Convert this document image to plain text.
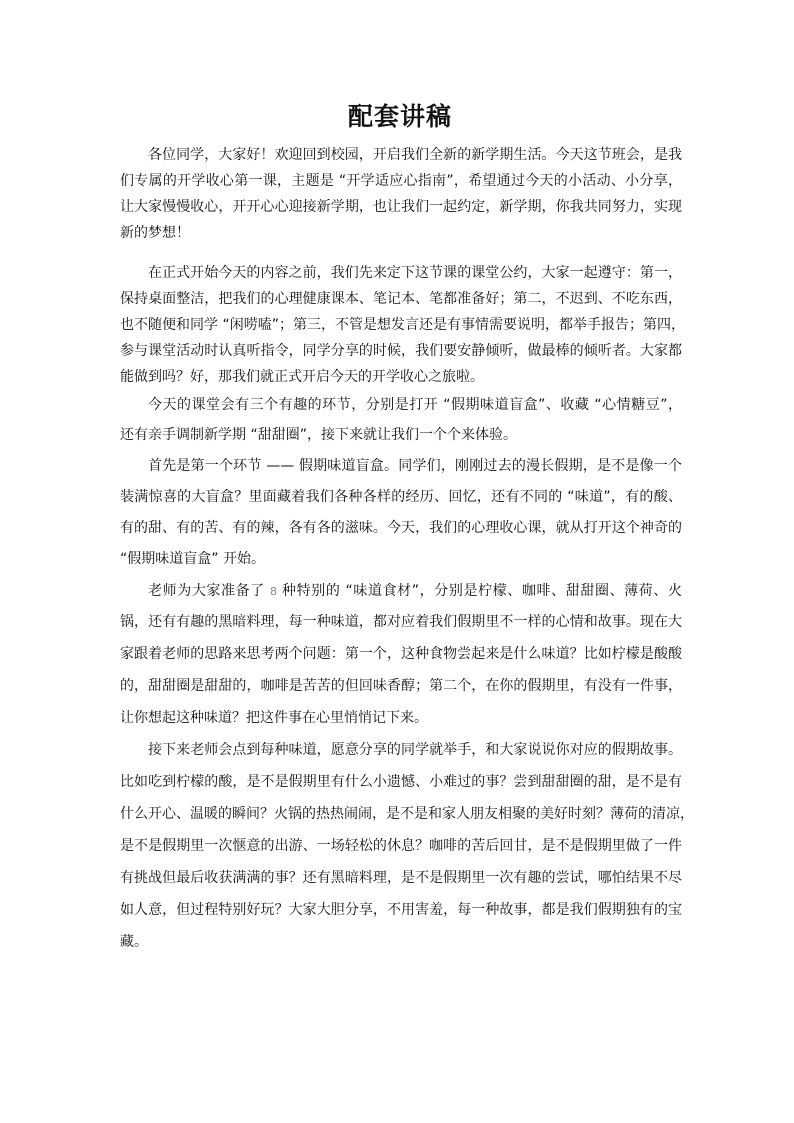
配套讲稿
各位同学，大家好！欢迎回到校园，开启我们全新的新学期生活。今天这节班会，是我
们专属的开学收心第一课，主题是 “开学适应心指南”，希望通过今天的小活动、小分享，
让大家慢慢收心，开开心心迎接新学期，也让我们一起约定，新学期，你我共同努力，实现
新的梦想！
在正式开始今天的内容之前，我们先来定下这节课的课堂公约，大家一起遵守：第一，
保持桌面整洁，把我们的心理健康课本、笔记本、笔都准备好；第二，不迟到、不吃东西，
也不随便和同学 “闲唠嗑”；第三，不管是想发言还是有事情需要说明，都举手报告；第四，
参与课堂活动时认真听指令，同学分享的时候，我们要安静倾听，做最棒的倾听者。大家都
能做到吗？好，那我们就正式开启今天的开学收心之旅啦。
今天的课堂会有三个有趣的环节，分别是打开 “假期味道盲盒”、收藏 “心情糖豆”，
还有亲手调制新学期 “甜甜圈”，接下来就让我们一个个来体验。
首先是第一个环节 —— 假期味道盲盒。同学们，刚刚过去的漫长假期，是不是像一个
装满惊喜的大盲盒？里面藏着我们各种各样的经历、回忆，还有不同的 “味道”，有的酸、
有的甜、有的苦、有的辣，各有各的滋味。今天，我们的心理收心课，就从打开这个神奇的
“假期味道盲盒” 开始。
老师为大家准备了 8 种特别的 “味道食材”，分别是柠檬、咖啡、甜甜圈、薄荷、火
锅，还有有趣的黑暗料理，每一种味道，都对应着我们假期里不一样的心情和故事。现在大
家跟着老师的思路来思考两个问题：第一个，这种食物尝起来是什么味道？比如柠檬是酸酸
的，甜甜圈是甜甜的，咖啡是苦苦的但回味香醇；第二个，在你的假期里，有没有一件事，
让你想起这种味道？把这件事在心里悄悄记下来。
接下来老师会点到每种味道，愿意分享的同学就举手，和大家说说你对应的假期故事。
比如吃到柠檬的酸，是不是假期里有什么小遗憾、小难过的事？尝到甜甜圈的甜，是不是有
什么开心、温暖的瞬间？火锅的热热闹闹，是不是和家人朋友相聚的美好时刻？薄荷的清凉，
是不是假期里一次惬意的出游、一场轻松的休息？咖啡的苦后回甘，是不是假期里做了一件
有挑战但最后收获满满的事？还有黑暗料理，是不是假期里一次有趣的尝试，哪怕结果不尽
如人意，但过程特别好玩？大家大胆分享，不用害羞，每一种故事，都是我们假期独有的宝
藏。
